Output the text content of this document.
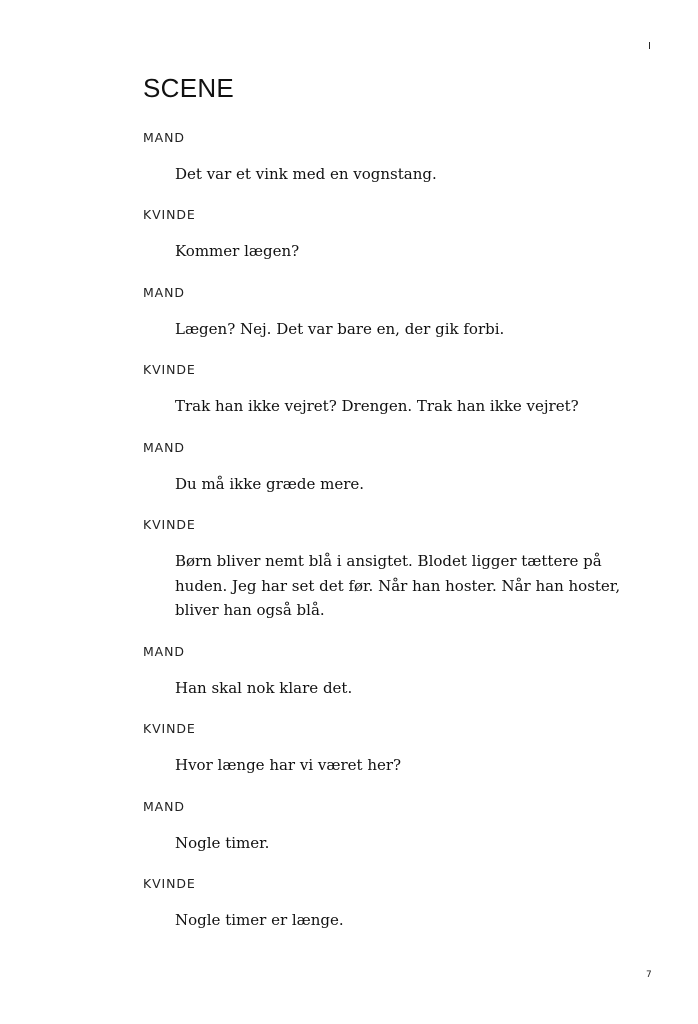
I
SCENE
MAND
Det var et vink med en vognstang.
KVINDE
Kommer lægen?
MAND
Lægen? Nej. Det var bare en, der gik forbi.
KVINDE
Trak han ikke vejret? Drengen. Trak han ikke vejret?
MAND
Du må ikke græde mere.
KVINDE
Børn bliver nemt blå i ansigtet. Blodet ligger tættere på huden. Jeg har set det før. Når han hoster. Når han hoster, bliver han også blå.
MAND
Han skal nok klare det.
KVINDE
Hvor længe har vi været her?
MAND
Nogle timer.
KVINDE
Nogle timer er længe.
7
